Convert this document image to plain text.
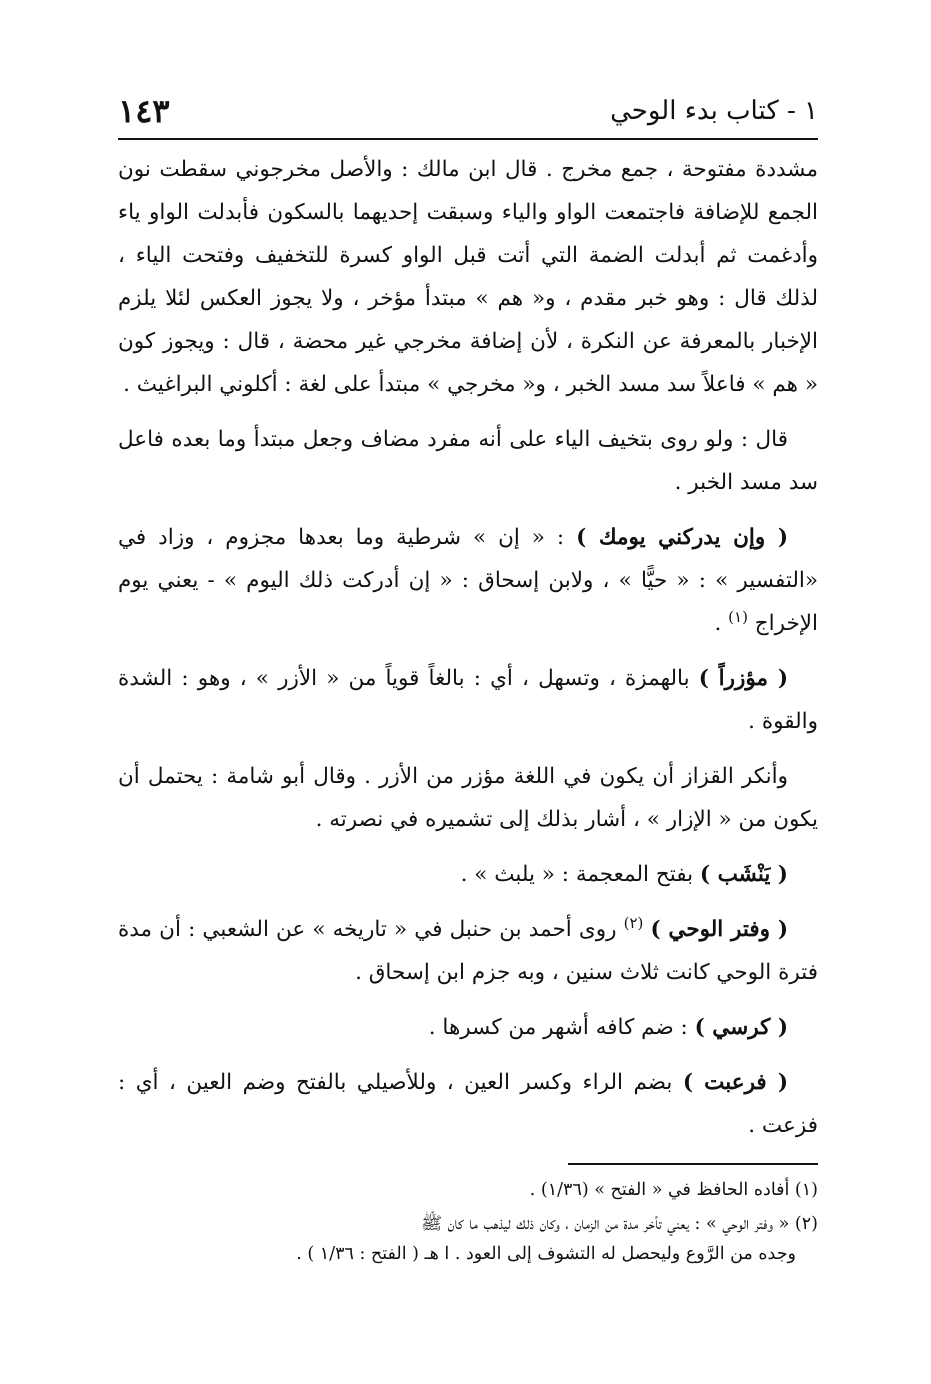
١٤٣	١ - كتاب بدء الوحي

مشددة مفتوحة ، جمع مخرج . قال ابن مالك : والأصل مخرجوني سقطت نون الجمع للإضافة فاجتمعت الواو والياء وسبقت إحديهما بالسكون فأبدلت الواو ياء وأدغمت ثم أبدلت الضمة التي أتت قبل الواو كسرة للتخفيف وفتحت الياء ، لذلك قال : وهو خبر مقدم ، و« هم » مبتدأ مؤخر ، ولا يجوز العكس لئلا يلزم الإخبار بالمعرفة عن النكرة ، لأن إضافة مخرجي غير محضة ، قال : ويجوز كون « هم » فاعلاً سد مسد الخبر ، و« مخرجي » مبتدأ على لغة : أكلوني البراغيث .

قال : ولو روى بتخيف الياء على أنه مفرد مضاف وجعل مبتدأ وما بعده فاعل سد مسد الخبر .

( وإن يدركني يومك ) : « إن » شرطية وما بعدها مجزوم ، وزاد في «التفسير » : « حيًّا » ، ولابن إسحاق : « إن أدركت ذلك اليوم » - يعني يوم الإخراج $^{(١)}$ .

( مؤزراً ) بالهمزة ، وتسهل ، أي : بالغاً قوياً من « الأزر » ، وهو : الشدة والقوة .

وأنكر القزاز أن يكون في اللغة مؤزر من الأزر . وقال أبو شامة : يحتمل أن يكون من « الإزار » ، أشار بذلك إلى تشميره في نصرته .

( يَنْشَب ) بفتح المعجمة : « يلبث » .

( وفتر الوحي ) $^{(٢)}$ روى أحمد بن حنبل في « تاريخه » عن الشعبي : أن مدة فترة الوحي كانت ثلاث سنين ، وبه جزم ابن إسحاق .

( كرسي ) : ضم كافه أشهر من كسرها .

( فرعبت ) بضم الراء وكسر العين ، وللأصيلي بالفتح وضم العين ، أي : فزعت .

(١) أفاده الحافظ في « الفتح » (١/٣٦) .

(٢) « وفتر الوحي » : يعني تأخر مدة من الزمان ، وكان ذلك ليذهب ما كان ﷺ
وجده من الرَّوع وليحصل له التشوف إلى العود . ا هـ ( الفتح : ١/٣٦ ) .
